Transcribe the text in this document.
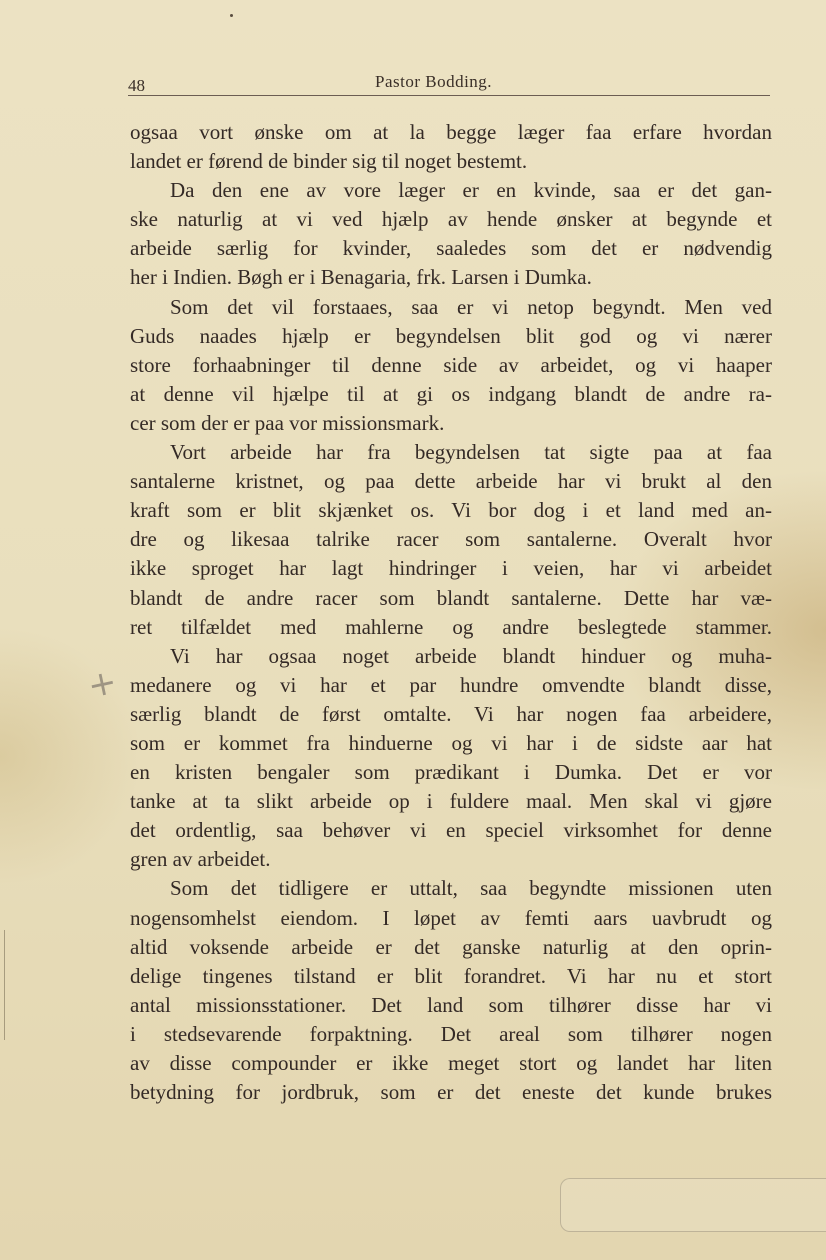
48	Pastor Bodding.
+
ogsaa vort ønske om at la begge læger faa erfare hvordan
landet er førend de binder sig til noget bestemt.
Da den ene av vore læger er en kvinde, saa er det gan-
ske naturlig at vi ved hjælp av hende ønsker at begynde et
arbeide særlig for kvinder, saaledes som det er nødvendig
her i Indien. Bøgh er i Benagaria, frk. Larsen i Dumka.
Som det vil forstaaes, saa er vi netop begyndt. Men ved
Guds naades hjælp er begyndelsen blit god og vi nærer
store forhaabninger til denne side av arbeidet, og vi haaper
at denne vil hjælpe til at gi os indgang blandt de andre ra-
cer som der er paa vor missionsmark.
Vort arbeide har fra begyndelsen tat sigte paa at faa
santalerne kristnet, og paa dette arbeide har vi brukt al den
kraft som er blit skjænket os. Vi bor dog i et land med an-
dre og likesaa talrike racer som santalerne. Overalt hvor
ikke sproget har lagt hindringer i veien, har vi arbeidet
blandt de andre racer som blandt santalerne. Dette har væ-
ret tilfældet med mahlerne og andre beslegtede stammer.
Vi har ogsaa noget arbeide blandt hinduer og muha-
medanere og vi har et par hundre omvendte blandt disse,
særlig blandt de først omtalte. Vi har nogen faa arbeidere,
som er kommet fra hinduerne og vi har i de sidste aar hat
en kristen bengaler som prædikant i Dumka. Det er vor
tanke at ta slikt arbeide op i fuldere maal. Men skal vi gjøre
det ordentlig, saa behøver vi en speciel virksomhet for denne
gren av arbeidet.
Som det tidligere er uttalt, saa begyndte missionen uten
nogensomhelst eiendom. I løpet av femti aars uavbrudt og
altid voksende arbeide er det ganske naturlig at den oprin-
delige tingenes tilstand er blit forandret. Vi har nu et stort
antal missionsstationer. Det land som tilhører disse har vi
i stedsevarende forpaktning. Det areal som tilhører nogen
av disse compounder er ikke meget stort og landet har liten
betydning for jordbruk, som er det eneste det kunde brukes
